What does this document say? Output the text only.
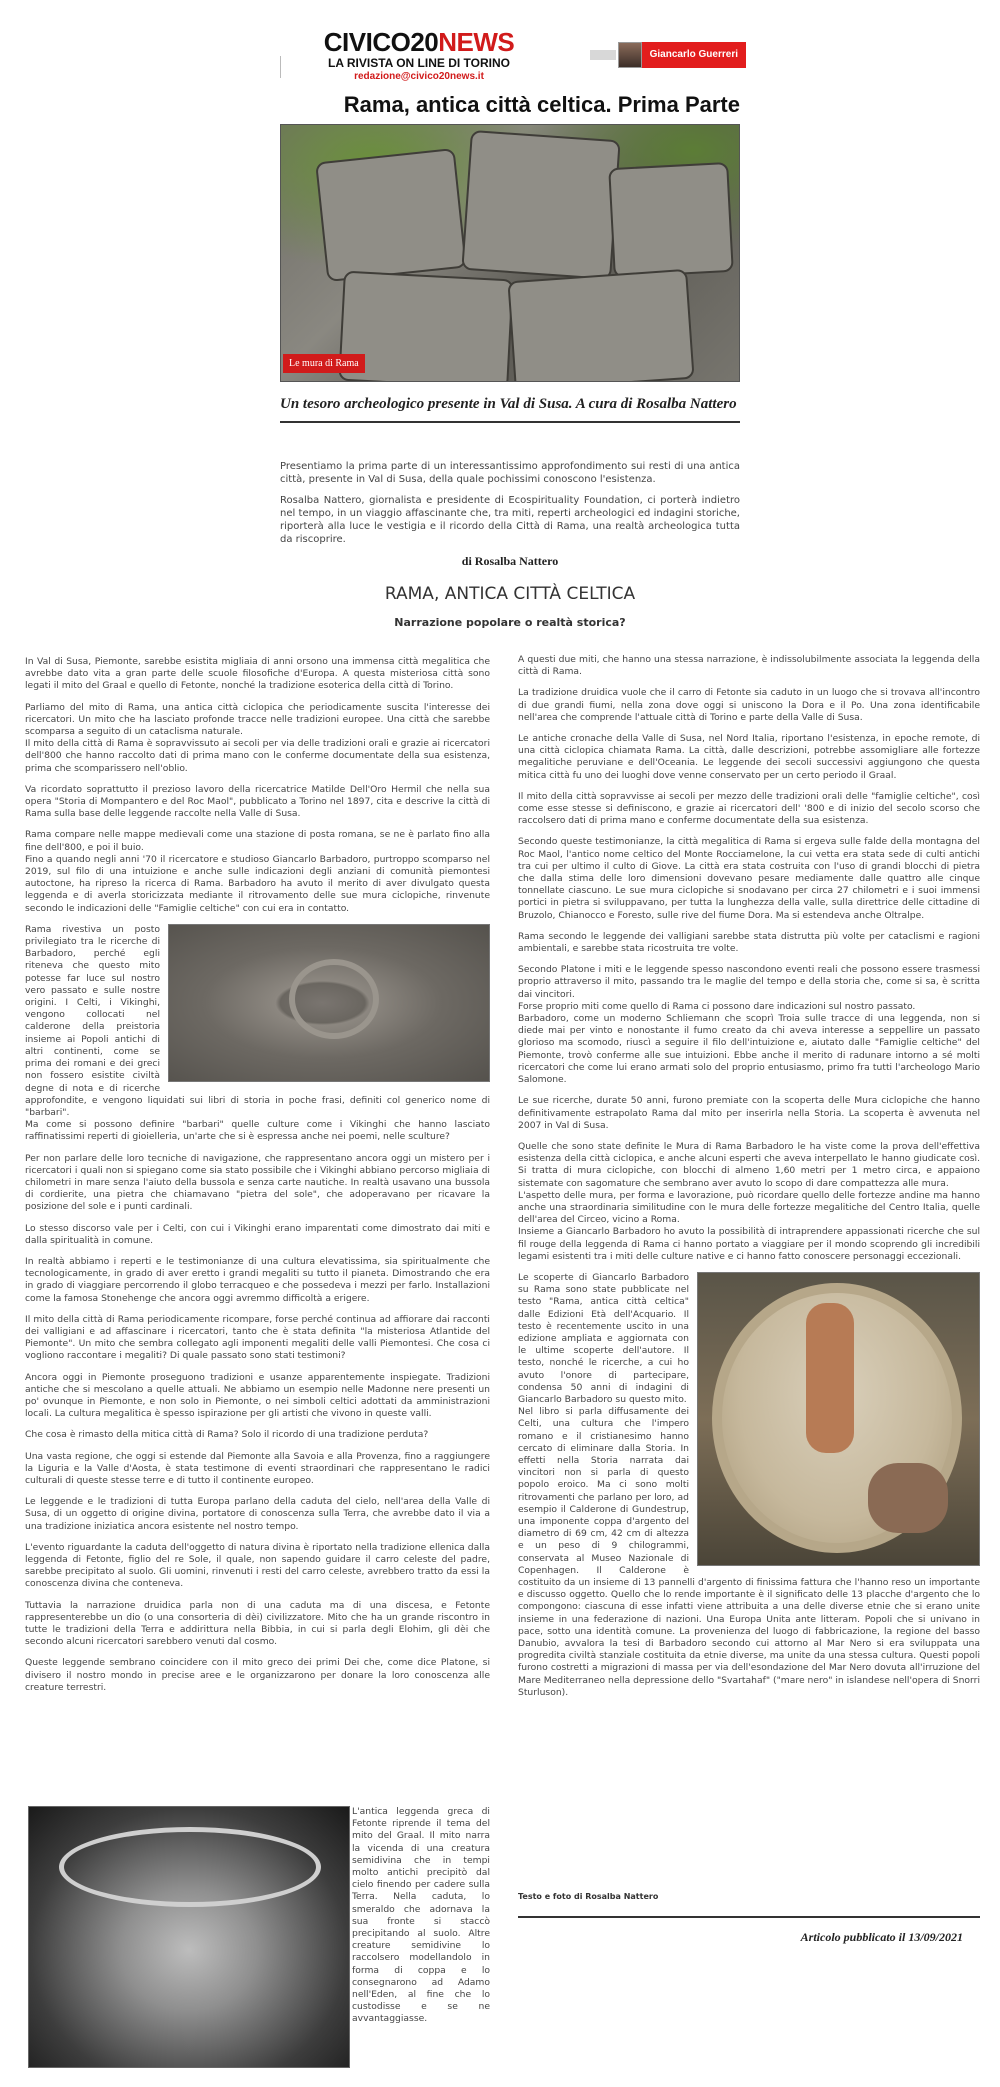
CIVICO20NEWS
LA RIVISTA ON LINE DI TORINO
redazione@civico20news.it
Giancarlo Guerreri
Rama, antica città celtica. Prima Parte
Le mura di Rama
Un tesoro archeologico presente in Val di Susa. A cura di Rosalba Nattero

Presentiamo la prima parte di un interessantissimo approfondimento sui resti di una antica città, presente in Val di Susa, della quale pochissimi conoscono l'esistenza.

Rosalba Nattero, giornalista e presidente di Ecospirituality Foundation, ci porterà indietro nel tempo, in un viaggio affascinante che, tra miti, reperti archeologici ed indagini storiche, riporterà alla luce le vestigia e il ricordo della Città di Rama, una realtà archeologica tutta da riscoprire.

di Rosalba Nattero
RAMA, ANTICA CITTÀ CELTICA
Narrazione popolare o realtà storica?

In Val di Susa, Piemonte, sarebbe esistita migliaia di anni orsono una immensa città megalitica che avrebbe dato vita a gran parte delle scuole filosofiche d'Europa. A questa misteriosa città sono legati il mito del Graal e quello di Fetonte, nonché la tradizione esoterica della città di Torino.

Parliamo del mito di Rama, una antica città ciclopica che periodicamente suscita l'interesse dei ricercatori. Un mito che ha lasciato profonde tracce nelle tradizioni europee. Una città che sarebbe scomparsa a seguito di un cataclisma naturale.
Il mito della città di Rama è sopravvissuto ai secoli per via delle tradizioni orali e grazie ai ricercatori dell'800 che hanno raccolto dati di prima mano con le conferme documentate della sua esistenza, prima che scomparissero nell'oblio.

Va ricordato soprattutto il prezioso lavoro della ricercatrice Matilde Dell'Oro Hermil che nella sua opera "Storia di Mompantero e del Roc Maol", pubblicato a Torino nel 1897, cita e descrive la città di Rama sulla base delle leggende raccolte nella Valle di Susa.

Rama compare nelle mappe medievali come una stazione di posta romana, se ne è parlato fino alla fine dell'800, e poi il buio.
Fino a quando negli anni '70 il ricercatore e studioso Giancarlo Barbadoro, purtroppo scomparso nel 2019, sul filo di una intuizione e anche sulle indicazioni degli anziani di comunità piemontesi autoctone, ha ripreso la ricerca di Rama. Barbadoro ha avuto il merito di aver divulgato questa leggenda e di averla storicizzata mediante il ritrovamento delle sue mura ciclopiche, rinvenute secondo le indicazioni delle "Famiglie celtiche" con cui era in contatto.

Rama rivestiva un posto privilegiato tra le ricerche di Barbadoro, perché egli riteneva che questo mito potesse far luce sul nostro vero passato e sulle nostre origini. I Celti, i Vikinghi, vengono collocati nel calderone della preistoria insieme ai Popoli antichi di altri continenti, come se prima dei romani e dei greci non fossero esistite civiltà degne di nota e di ricerche approfondite, e vengono liquidati sui libri di storia in poche frasi, definiti col generico nome di "barbari".
Ma come si possono definire "barbari" quelle culture come i Vikinghi che hanno lasciato raffinatissimi reperti di gioielleria, un'arte che si è espressa anche nei poemi, nelle sculture?

Per non parlare delle loro tecniche di navigazione, che rappresentano ancora oggi un mistero per i ricercatori i quali non si spiegano come sia stato possibile che i Vikinghi abbiano percorso migliaia di chilometri in mare senza l'aiuto della bussola e senza carte nautiche. In realtà usavano una bussola di cordierite, una pietra che chiamavano "pietra del sole", che adoperavano per ricavare la posizione del sole e i punti cardinali.

Lo stesso discorso vale per i Celti, con cui i Vikinghi erano imparentati come dimostrato dai miti e dalla spiritualità in comune.

In realtà abbiamo i reperti e le testimonianze di una cultura elevatissima, sia spiritualmente che tecnologicamente, in grado di aver eretto i grandi megaliti su tutto il pianeta. Dimostrando che era in grado di viaggiare percorrendo il globo terracqueo e che possedeva i mezzi per farlo. Installazioni come la famosa Stonehenge che ancora oggi avremmo difficoltà a erigere.

Il mito della città di Rama periodicamente ricompare, forse perché continua ad affiorare dai racconti dei valligiani e ad affascinare i ricercatori, tanto che è stata definita "la misteriosa Atlantide del Piemonte". Un mito che sembra collegato agli imponenti megaliti delle valli Piemontesi. Che cosa ci vogliono raccontare i megaliti? Di quale passato sono stati testimoni?

Ancora oggi in Piemonte proseguono tradizioni e usanze apparentemente inspiegate. Tradizioni antiche che si mescolano a quelle attuali. Ne abbiamo un esempio nelle Madonne nere presenti un po' ovunque in Piemonte, e non solo in Piemonte, o nei simboli celtici adottati da amministrazioni locali. La cultura megalitica è spesso ispirazione per gli artisti che vivono in queste valli.

Che cosa è rimasto della mitica città di Rama? Solo il ricordo di una tradizione perduta?

Una vasta regione, che oggi si estende dal Piemonte alla Savoia e alla Provenza, fino a raggiungere la Liguria e la Valle d'Aosta, è stata testimone di eventi straordinari che rappresentano le radici culturali di queste stesse terre e di tutto il continente europeo.

Le leggende e le tradizioni di tutta Europa parlano della caduta del cielo, nell'area della Valle di Susa, di un oggetto di origine divina, portatore di conoscenza sulla Terra, che avrebbe dato il via a una tradizione iniziatica ancora esistente nel nostro tempo.

L'evento riguardante la caduta dell'oggetto di natura divina è riportato nella tradizione ellenica dalla leggenda di Fetonte, figlio del re Sole, il quale, non sapendo guidare il carro celeste del padre, sarebbe precipitato al suolo. Gli uomini, rinvenuti i resti del carro celeste, avrebbero tratto da essi la conoscenza divina che conteneva.

Tuttavia la narrazione druidica parla non di una caduta ma di una discesa, e Fetonte rappresenterebbe un dio (o una consorteria di dèi) civilizzatore. Mito che ha un grande riscontro in tutte le tradizioni della Terra e addirittura nella Bibbia, in cui si parla degli Elohim, gli dèi che secondo alcuni ricercatori sarebbero venuti dal cosmo.

Queste leggende sembrano coincidere con il mito greco dei primi Dei che, come dice Platone, si divisero il nostro mondo in precise aree e le organizzarono per donare la loro conoscenza alle creature terrestri.

L'antica leggenda greca di Fetonte riprende il tema del mito del Graal. Il mito narra la vicenda di una creatura semidivina che in tempi molto antichi precipitò dal cielo finendo per cadere sulla Terra. Nella caduta, lo smeraldo che adornava la sua fronte si staccò precipitando al suolo. Altre creature semidivine lo raccolsero modellandolo in forma di coppa e lo consegnarono ad Adamo nell'Eden, al fine che lo custodisse e se ne avvantaggiasse.

A questi due miti, che hanno una stessa narrazione, è indissolubilmente associata la leggenda della città di Rama.

La tradizione druidica vuole che il carro di Fetonte sia caduto in un luogo che si trovava all'incontro di due grandi fiumi, nella zona dove oggi si uniscono la Dora e il Po. Una zona identificabile nell'area che comprende l'attuale città di Torino e parte della Valle di Susa.

Le antiche cronache della Valle di Susa, nel Nord Italia, riportano l'esistenza, in epoche remote, di una città ciclopica chiamata Rama. La città, dalle descrizioni, potrebbe assomigliare alle fortezze megalitiche peruviane e dell'Oceania. Le leggende dei secoli successivi aggiungono che questa mitica città fu uno dei luoghi dove venne conservato per un certo periodo il Graal.

Il mito della città sopravvisse ai secoli per mezzo delle tradizioni orali delle "famiglie celtiche", così come esse stesse si definiscono, e grazie ai ricercatori dell' '800 e di inizio del secolo scorso che raccolsero dati di prima mano e conferme documentate della sua esistenza.

Secondo queste testimonianze, la città megalitica di Rama si ergeva sulle falde della montagna del Roc Maol, l'antico nome celtico del Monte Rocciamelone, la cui vetta era stata sede di culti antichi tra cui per ultimo il culto di Giove. La città era stata costruita con l'uso di grandi blocchi di pietra che dalla stima delle loro dimensioni dovevano pesare mediamente dalle quattro alle cinque tonnellate ciascuno. Le sue mura ciclopiche si snodavano per circa 27 chilometri e i suoi immensi portici in pietra si sviluppavano, per tutta la lunghezza della valle, sulla direttrice delle cittadine di Bruzolo, Chianocco e Foresto, sulle rive del fiume Dora. Ma si estendeva anche Oltralpe.

Rama secondo le leggende dei valligiani sarebbe stata distrutta più volte per cataclismi e ragioni ambientali, e sarebbe stata ricostruita tre volte.

Secondo Platone i miti e le leggende spesso nascondono eventi reali che possono essere trasmessi proprio attraverso il mito, passando tra le maglie del tempo e della storia che, come si sa, è scritta dai vincitori.
Forse proprio miti come quello di Rama ci possono dare indicazioni sul nostro passato.
Barbadoro, come un moderno Schliemann che scoprì Troia sulle tracce di una leggenda, non si diede mai per vinto e nonostante il fumo creato da chi aveva interesse a seppellire un passato glorioso ma scomodo, riuscì a seguire il filo dell'intuizione e, aiutato dalle "Famiglie celtiche" del Piemonte, trovò conferme alle sue intuizioni. Ebbe anche il merito di radunare intorno a sé molti ricercatori che come lui erano armati solo del proprio entusiasmo, primo fra tutti l'archeologo Mario Salomone.

Le sue ricerche, durate 50 anni, furono premiate con la scoperta delle Mura ciclopiche che hanno definitivamente estrapolato Rama dal mito per inserirla nella Storia. La scoperta è avvenuta nel 2007 in Val di Susa.

Quelle che sono state definite le Mura di Rama Barbadoro le ha viste come la prova dell'effettiva esistenza della città ciclopica, e anche alcuni esperti che aveva interpellato le hanno giudicate così. Si tratta di mura ciclopiche, con blocchi di almeno 1,60 metri per 1 metro circa, e appaiono sistemate con sagomature che sembrano aver avuto lo scopo di dare compattezza alle mura.
L'aspetto delle mura, per forma e lavorazione, può ricordare quello delle fortezze andine ma hanno anche una straordinaria similitudine con le mura delle fortezze megalitiche del Centro Italia, quelle dell'area del Circeo, vicino a Roma.
Insieme a Giancarlo Barbadoro ho avuto la possibilità di intraprendere appassionati ricerche che sul fil rouge della leggenda di Rama ci hanno portato a viaggiare per il mondo scoprendo gli incredibili legami esistenti tra i miti delle culture native e ci hanno fatto conoscere personaggi eccezionali.

Le scoperte di Giancarlo Barbadoro su Rama sono state pubblicate nel testo "Rama, antica città celtica" dalle Edizioni Età dell'Acquario. Il testo è recentemente uscito in una edizione ampliata e aggiornata con le ultime scoperte dell'autore. Il testo, nonché le ricerche, a cui ho avuto l'onore di partecipare, condensa 50 anni di indagini di Giancarlo Barbadoro su questo mito.
Nel libro si parla diffusamente dei Celti, una cultura che l'impero romano e il cristianesimo hanno cercato di eliminare dalla Storia. In effetti nella Storia narrata dai vincitori non si parla di questo popolo eroico. Ma ci sono molti ritrovamenti che parlano per loro, ad esempio il Calderone di Gundestrup, una imponente coppa d'argento del diametro di 69 cm, 42 cm di altezza e un peso di 9 chilogrammi, conservata al Museo Nazionale di Copenhagen. Il Calderone è costituito da un insieme di 13 pannelli d'argento di finissima fattura che l'hanno reso un importante e discusso oggetto. Quello che lo rende importante è il significato delle 13 placche d'argento che lo compongono: ciascuna di esse infatti viene attribuita a una delle diverse etnie che si erano unite insieme in una federazione di nazioni. Una Europa Unita ante litteram. Popoli che si univano in pace, sotto una identità comune. La provenienza del luogo di fabbricazione, la regione del basso Danubio, avvalora la tesi di Barbadoro secondo cui attorno al Mar Nero si era sviluppata una progredita civiltà stanziale costituita da etnie diverse, ma unite da una stessa cultura. Questi popoli furono costretti a migrazioni di massa per via dell'esondazione del Mar Nero dovuta all'irruzione del Mare Mediterraneo nella depressione dello "Svartahaf" ("mare nero" in islandese nell'opera di Snorri Sturluson).

Testo e foto di Rosalba Nattero
Articolo pubblicato il 13/09/2021
